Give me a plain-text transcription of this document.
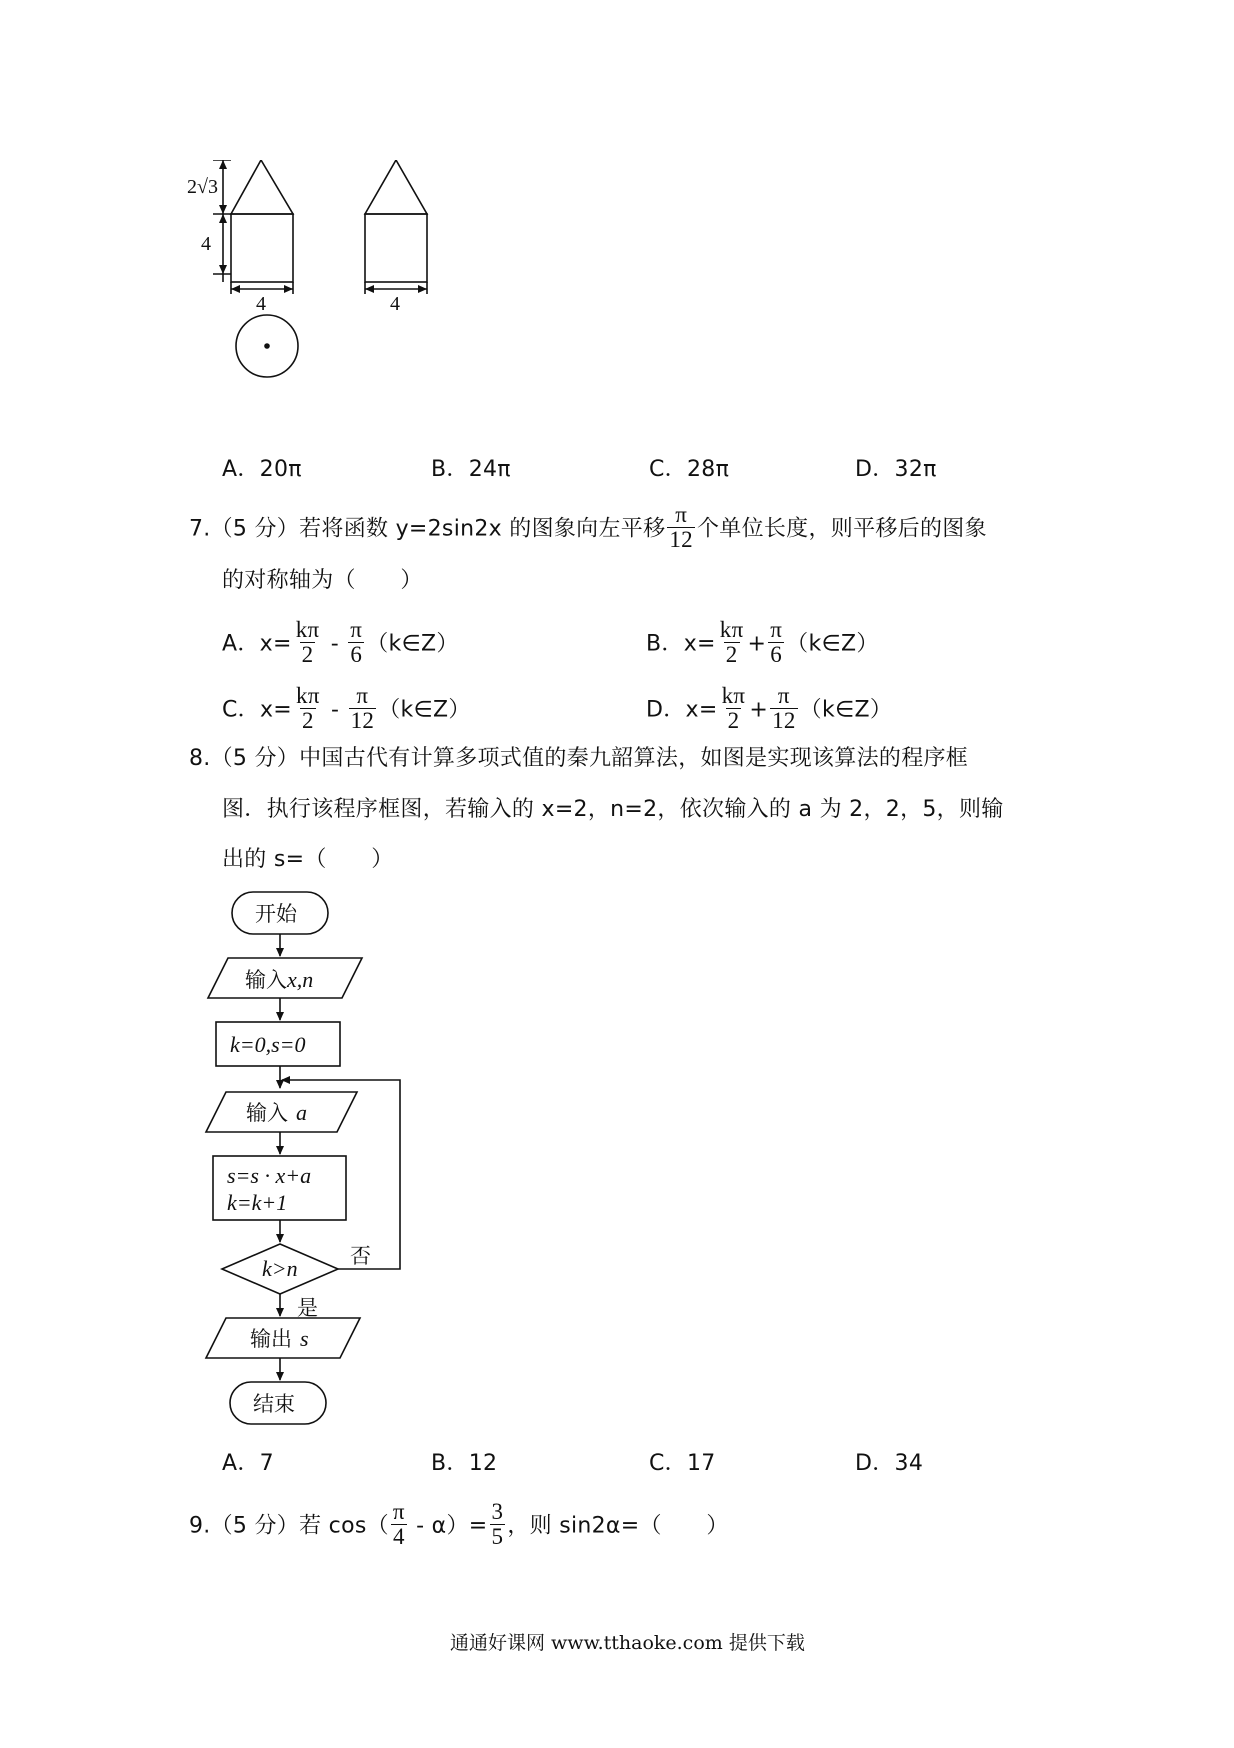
2√3
4
4	4
A．20π	B．24π	C．28π	D．32π
7.（5 分）若将函数 y=2sin2x 的图象向左平移 $\frac{\pi}{12}$ 个单位长度，则平移后的图象
的对称轴为（　　）
A．$x= \frac{k\pi}{2} - \frac{\pi}{6}$ （k∈Z）	B．$x= \frac{k\pi}{2} + \frac{\pi}{6}$ （k∈Z）
C．$x= \frac{k\pi}{2} - \frac{\pi}{12}$ （k∈Z）	D．$x= \frac{k\pi}{2} + \frac{\pi}{12}$ （k∈Z）
8.（5 分）中国古代有计算多项式值的秦九韶算法，如图是实现该算法的程序框
图．执行该程序框图，若输入的 x=2，n=2，依次输入的 a 为 2，2，5，则输
出的 s=（　　）
开始
输入x,n
k=0,s=0
输入 a
s=s · x+a
k=k+1
k>n 否
是
输出 s
结束
A．7	B．12	C．17	D．34
9.（5 分）若 $\cos( \frac{\pi}{4} - \alpha)= \frac{3}{5}$ ，则 sin2α=（　　）
通通好课网 www.tthaoke.com 提供下载
